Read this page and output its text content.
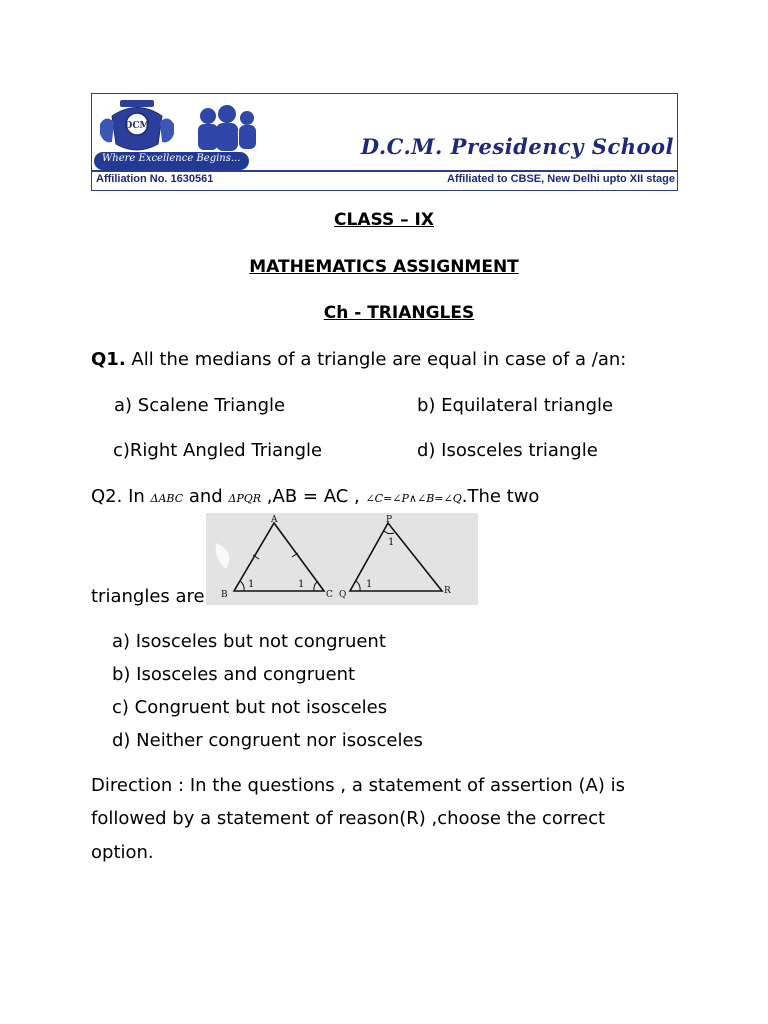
DCM
Where Excellence Begins...	D.C.M. Presidency School
Affiliation No. 1630561	Affiliated to CBSE, New Delhi upto XII stage
CLASS – IX
MATHEMATICS ASSIGNMENT
Ch - TRIANGLES
Q1. All the medians of a triangle are equal in case of a /an:
a) Scalene Triangle	b) Equilateral triangle
c)Right Angled Triangle	d) Isosceles triangle
Q2. In ΔABC and ΔPQR ,AB = AC , ∠C=∠P∧∠B=∠Q.The two
A
B	C
1	1
P
Q	R
1
1
triangles are
a) Isosceles but not congruent
b) Isosceles and congruent
c) Congruent but not isosceles
d) Neither congruent nor isosceles
Direction : In the questions , a statement of assertion (A) is
followed by a statement of reason(R) ,choose the correct
option.
